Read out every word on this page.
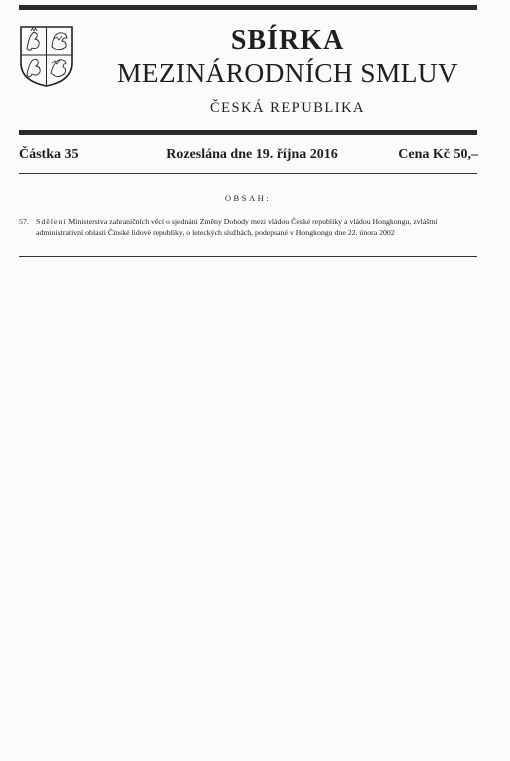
SBÍRKA
MEZINÁRODNÍCH SMLUV
ČESKÁ REPUBLIKA
Částka 35	Rozeslána dne 19. října 2016	Cena Kč 50,–
OBSAH:
57. Sdělení Ministerstva zahraničních věcí o sjednání Změny Dohody mezi vládou České republiky a vládou Hongkongu, zvláštní administrativní oblasti Čínské lidové republiky, o leteckých službách, podepsané v Hongkongu dne 22. února 2002
